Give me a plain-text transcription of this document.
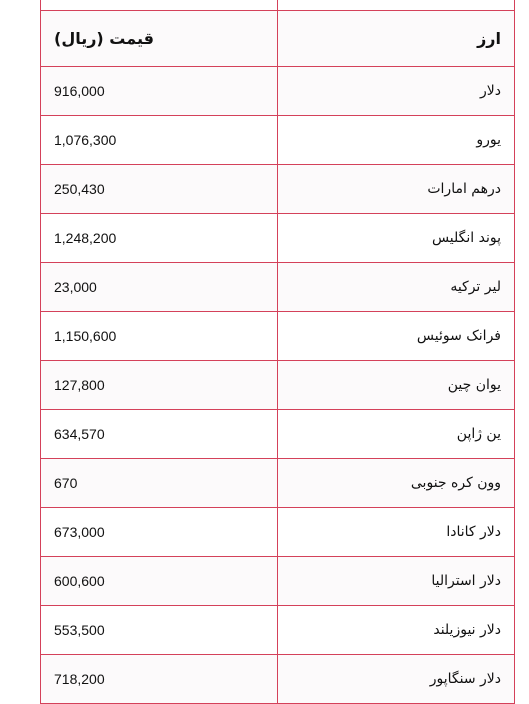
ارز	قیمت (ریال)
دلار	916,000
یورو	1,076,300
درهم امارات	250,430
پوند انگلیس	1,248,200
لیر ترکیه	23,000
فرانک سوئیس	1,150,600
یوان چین	127,800
ین ژاپن	634,570
وون کره جنوبی	670
دلار کانادا	673,000
دلار استرالیا	600,600
دلار نیوزیلند	553,500
دلار سنگاپور	718,200
